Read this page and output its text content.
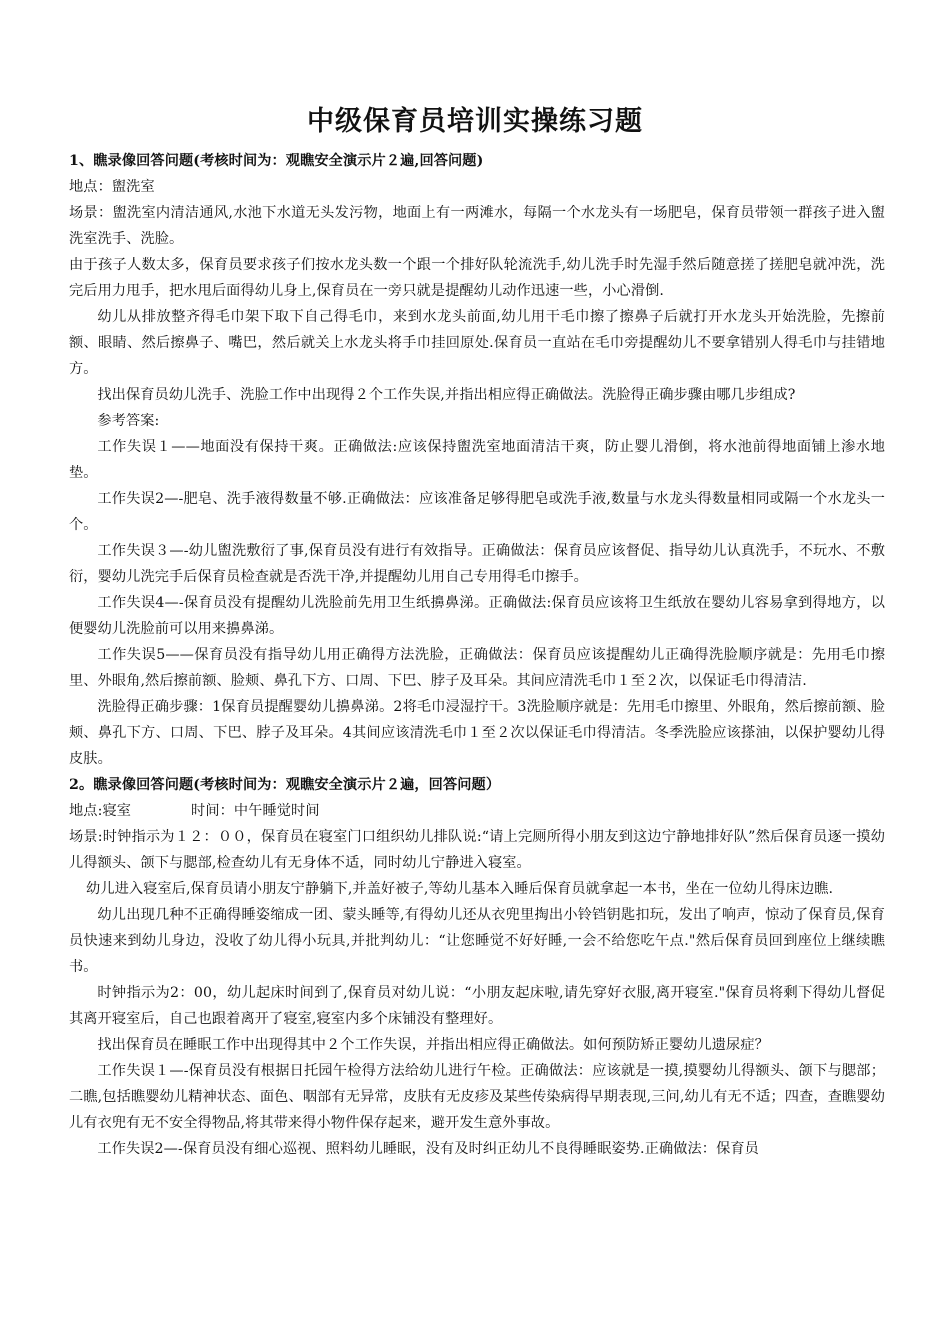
中级保育员培训实操练习题

1、瞧录像回答问题(考核时间为：观瞧安全演示片２遍,回答问题)

地点：盥洗室

场景：盥洗室内清洁通风,水池下水道无头发污物，地面上有一两滩水，每隔一个水龙头有一场肥皂，保育员带领一群孩子进入盥洗室洗手、洗脸。

由于孩子人数太多，保育员要求孩子们按水龙头数一个跟一个排好队轮流洗手,幼儿洗手时先湿手然后随意搓了搓肥皂就冲洗，洗完后用力甩手，把水甩后面得幼儿身上,保育员在一旁只就是提醒幼儿动作迅速一些，小心滑倒.

幼儿从排放整齐得毛巾架下取下自己得毛巾，来到水龙头前面,幼儿用干毛巾擦了擦鼻子后就打开水龙头开始洗脸，先擦前额、眼睛、然后擦鼻子、嘴巴，然后就关上水龙头将手巾挂回原处.保育员一直站在毛巾旁提醒幼儿不要拿错别人得毛巾与挂错地方。

找出保育员幼儿洗手、洗脸工作中出现得２个工作失误,并指出相应得正确做法。洗脸得正确步骤由哪几步组成?

参考答案:

工作失误１——地面没有保持干爽。正确做法:应该保持盥洗室地面清洁干爽，防止婴儿滑倒，将水池前得地面铺上渗水地垫。

工作失误2—-肥皂、洗手液得数量不够.正确做法：应该准备足够得肥皂或洗手液,数量与水龙头得数量相同或隔一个水龙头一个。

工作失误３—-幼儿盥洗敷衍了事,保育员没有进行有效指导。正确做法：保育员应该督促、指导幼儿认真洗手，不玩水、不敷衍，婴幼儿洗完手后保育员检查就是否洗干净,并提醒幼儿用自己专用得毛巾擦手。

工作失误4—-保育员没有提醒幼儿洗脸前先用卫生纸擤鼻涕。正确做法:保育员应该将卫生纸放在婴幼儿容易拿到得地方，以便婴幼儿洗脸前可以用来擤鼻涕。

工作失误5——保育员没有指导幼儿用正确得方法洗脸，正确做法：保育员应该提醒幼儿正确得洗脸顺序就是：先用毛巾擦里、外眼角,然后擦前额、脸颊、鼻孔下方、口周、下巴、脖子及耳朵。其间应清洗毛巾１至２次，以保证毛巾得清洁.

洗脸得正确步骤：1保育员提醒婴幼儿擤鼻涕。2将毛巾浸湿拧干。3洗脸顺序就是：先用毛巾擦里、外眼角，然后擦前额、脸颊、鼻孔下方、口周、下巴、脖子及耳朵。4其间应该清洗毛巾１至２次以保证毛巾得清洁。冬季洗脸应该搽油，以保护婴幼儿得皮肤。

2。瞧录像回答问题(考核时间为：观瞧安全演示片２遍，回答问题）

地点:寝室	时间：中午睡觉时间

场景:时钟指示为１２：００，保育员在寝室门口组织幼儿排队说:“请上完厕所得小朋友到这边宁静地排好队”然后保育员逐一摸幼儿得额头、颌下与腮部,检查幼儿有无身体不适，同时幼儿宁静进入寝室。

幼儿进入寝室后,保育员请小朋友宁静躺下,并盖好被子,等幼儿基本入睡后保育员就拿起一本书，坐在一位幼儿得床边瞧.

幼儿出现几种不正确得睡姿缩成一团、蒙头睡等,有得幼儿还从衣兜里掏出小铃铛钥匙扣玩，发出了响声，惊动了保育员,保育员快速来到幼儿身边，没收了幼儿得小玩具,并批判幼儿：“让您睡觉不好好睡,一会不给您吃午点."然后保育员回到座位上继续瞧书。

时钟指示为2：00，幼儿起床时间到了,保育员对幼儿说：“小朋友起床啦,请先穿好衣服,离开寝室."保育员将剩下得幼儿督促其离开寝室后，自己也跟着离开了寝室,寝室内多个床铺没有整理好。

找出保育员在睡眠工作中出现得其中２个工作失误，并指出相应得正确做法。如何预防矫正婴幼儿遗尿症？

工作失误１—-保育员没有根据日托园午检得方法给幼儿进行午检。正确做法：应该就是一摸,摸婴幼儿得额头、颌下与腮部；二瞧,包括瞧婴幼儿精神状态、面色、咽部有无异常，皮肤有无皮疹及某些传染病得早期表现,三问,幼儿有无不适；四查，查瞧婴幼儿有衣兜有无不安全得物品,将其带来得小物件保存起来，避开发生意外事故。

工作失误2—-保育员没有细心巡视、照料幼儿睡眠，没有及时纠正幼儿不良得睡眠姿势.正确做法：保育员
